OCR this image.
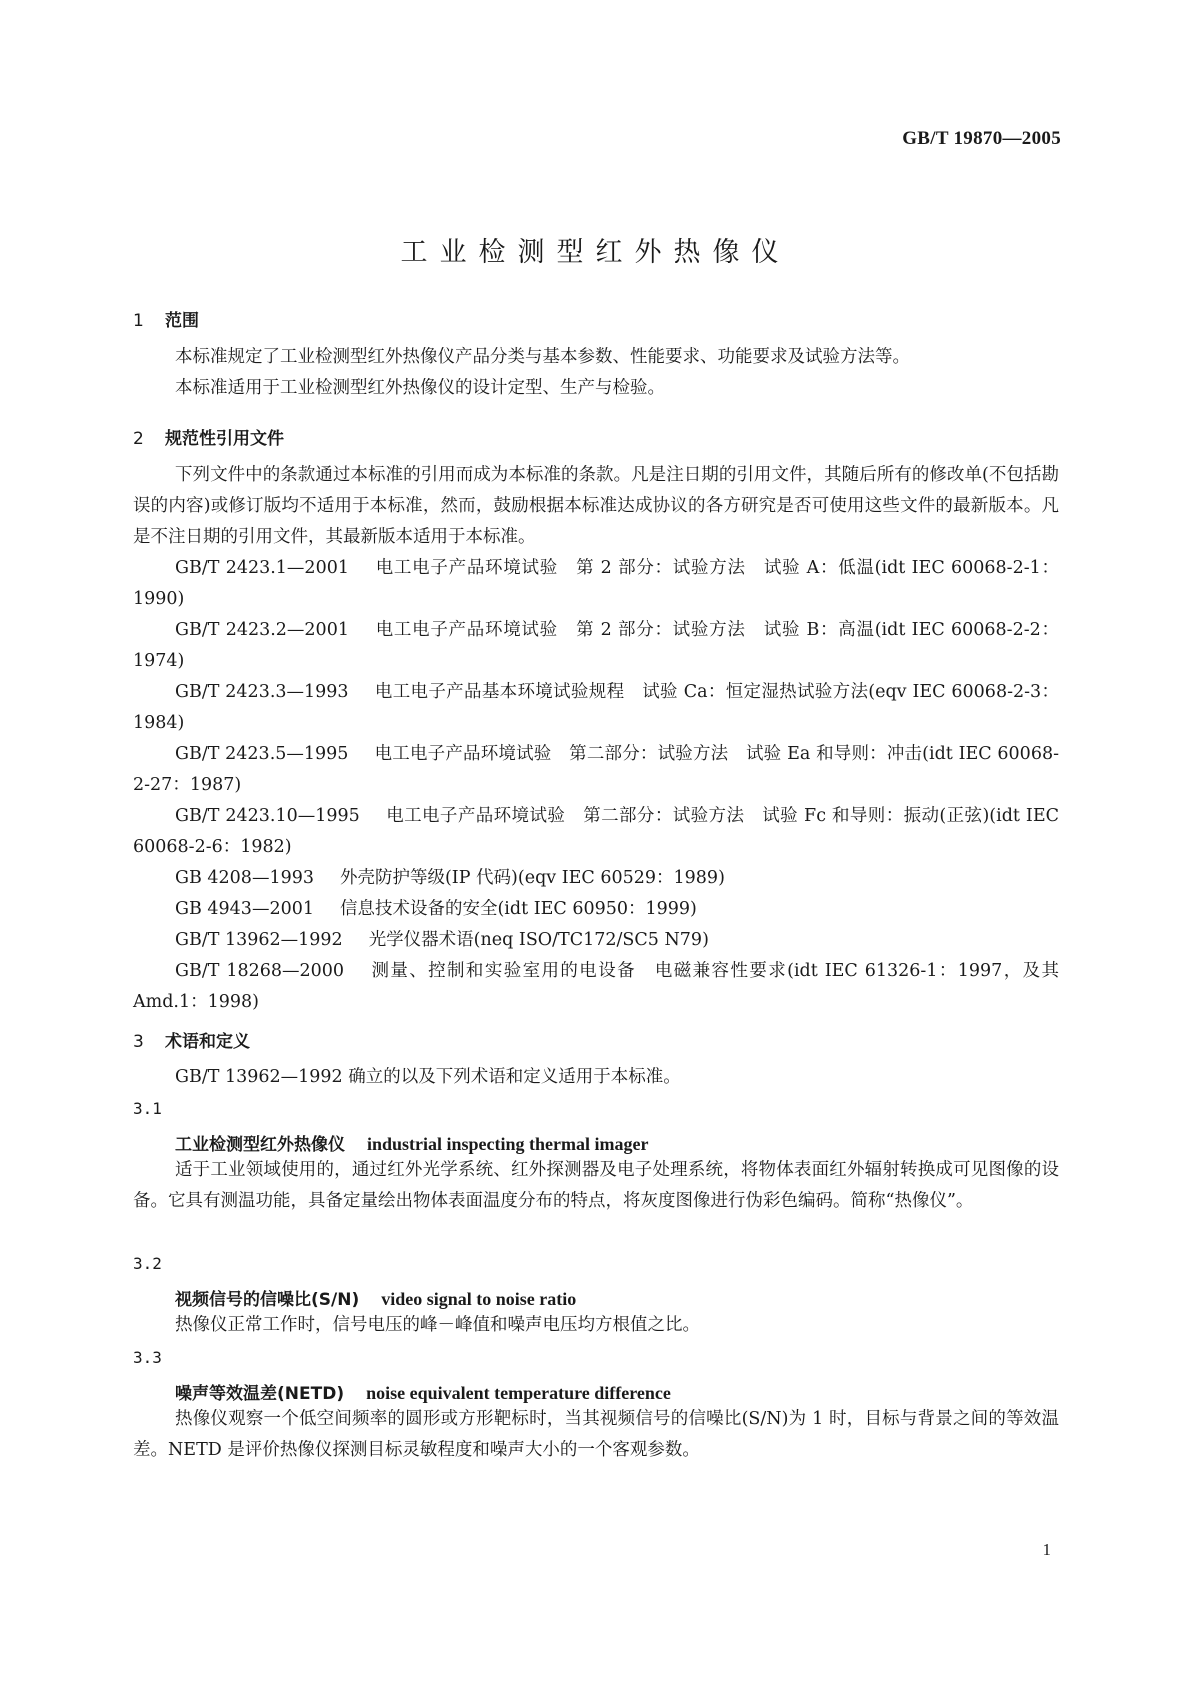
GB/T 19870—2005
工业检测型红外热像仪
1 范围

本标准规定了工业检测型红外热像仪产品分类与基本参数、性能要求、功能要求及试验方法等。

本标准适用于工业检测型红外热像仪的设计定型、生产与检验。

2 规范性引用文件

下列文件中的条款通过本标准的引用而成为本标准的条款。凡是注日期的引用文件，其随后所有的修改单(不包括勘误的内容)或修订版均不适用于本标准，然而，鼓励根据本标准达成协议的各方研究是否可使用这些文件的最新版本。凡是不注日期的引用文件，其最新版本适用于本标准。

GB/T 2423.1—2001 电工电子产品环境试验　第 2 部分：试验方法　试验 A：低温(idt IEC 60068-2-1：1990)

GB/T 2423.2—2001 电工电子产品环境试验　第 2 部分：试验方法　试验 B：高温(idt IEC 60068-2-2：1974)

GB/T 2423.3—1993 电工电子产品基本环境试验规程　试验 Ca：恒定湿热试验方法(eqv IEC 60068-2-3：1984)

GB/T 2423.5—1995 电工电子产品环境试验　第二部分：试验方法　试验 Ea 和导则：冲击(idt IEC 60068-2-27：1987)

GB/T 2423.10—1995 电工电子产品环境试验　第二部分：试验方法　试验 Fc 和导则：振动(正弦)(idt IEC 60068-2-6：1982)

GB 4208—1993 外壳防护等级(IP 代码)(eqv IEC 60529：1989)

GB 4943—2001 信息技术设备的安全(idt IEC 60950：1999)

GB/T 13962—1992 光学仪器术语(neq ISO/TC172/SC5 N79)

GB/T 18268—2000 测量、控制和实验室用的电设备　电磁兼容性要求(idt IEC 61326-1：1997，及其 Amd.1：1998)

3 术语和定义

GB/T 13962—1992 确立的以及下列术语和定义适用于本标准。

3.1
工业检测型红外热像仪 industrial inspecting thermal imager

适于工业领域使用的，通过红外光学系统、红外探测器及电子处理系统，将物体表面红外辐射转换成可见图像的设备。它具有测温功能，具备定量绘出物体表面温度分布的特点，将灰度图像进行伪彩色编码。简称“热像仪”。

3.2
视频信号的信噪比(S/N) video signal to noise ratio

热像仪正常工作时，信号电压的峰－峰值和噪声电压均方根值之比。

3.3
噪声等效温差(NETD) noise equivalent temperature difference

热像仪观察一个低空间频率的圆形或方形靶标时，当其视频信号的信噪比(S/N)为 1 时，目标与背景之间的等效温差。NETD 是评价热像仪探测目标灵敏程度和噪声大小的一个客观参数。

1
